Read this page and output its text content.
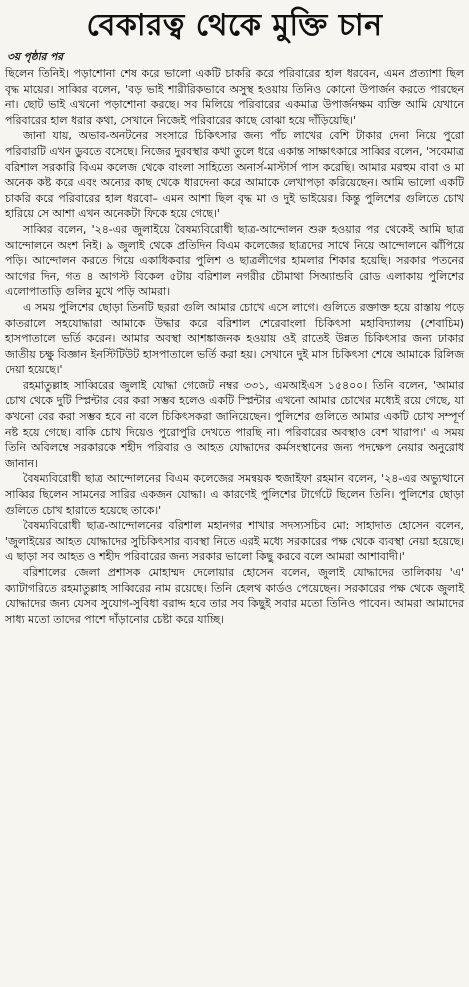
বেকারত্ব থেকে মুক্তি চান
৩য় পৃষ্ঠার পর

ছিলেন তিনিই। পড়াশোনা শেষ করে ভালো একটি চাকরি করে পরিবারের হাল ধরবেন, এমন প্রত্যাশা ছিল বৃদ্ধ মায়ের। সাব্বির বলেন, 'বড় ভাই শারীরিকভাবে অসুস্থ হওয়ায় তিনিও কোনো উপার্জন করতে পারছেন না। ছোট ভাই এখনো পড়াশোনা করছে। সব মিলিয়ে পরিবারের একমাত্র উপার্জনক্ষম ব্যক্তি আমি যেখানে পরিবারের হাল ধরার কথা, সেখানে নিজেই পরিবারের কাছে বোঝা হয়ে দাঁড়িয়েছি।'

জানা যায়, অভাব-অনটনের সংসারে চিকিৎসার জন্য পাঁচ লাখের বেশি টাকার দেনা নিয়ে পুরো পরিবারটি এখন ডুবতে বসেছে। নিজের দুরবস্থার কথা তুলে ধরে একান্ত সাক্ষাৎকারে সাব্বির বলেন, 'সবেমাত্র বরিশাল সরকারি বিএম কলেজ থেকে বাংলা সাহিত্যে অনার্স-মাস্টার্স পাস করেছি। আমার মরহুম বাবা ও মা অনেক কষ্ট করে এবং অন্যের কাছ থেকে ধারদেনা করে আমাকে লেখাপড়া করিয়েছেন। আমি ভালো একটি চাকরি করে পরিবারের হাল ধরবো– এমন আশা ছিল বৃদ্ধ মা ও দুই ভাইয়ের। কিন্তু পুলিশের গুলিতে চোখ হারিয়ে সে আশা এখন অনেকটা ফিকে হয়ে গেছে।'

সাব্বির বলেন, '২৪-এর জুলাইয়ে বৈষম্যবিরোধী ছাত্র-আন্দোলন শুরু হওয়ার পর থেকেই আমি ছাত্র আন্দোলনে অংশ নিই। ৯ জুলাই থেকে প্রতিদিন বিএম কলেজের ছাত্রদের সাথে নিয়ে আন্দোলনে ঝাঁপিয়ে পড়ি। আন্দোলন করতে গিয়ে একাধিকবার পুলিশ ও ছাত্রলীগের হামলার শিকার হয়েছি। সরকার পতনের আগের দিন, গত ৪ আগস্ট বিকেল ৫টায় বরিশাল নগরীর চৌমাথা সিঅ্যান্ডবি রোড এলাকায় পুলিশের এলোপাতাড়ি গুলির মুখে পড়ি আমরা।

এ সময় পুলিশের ছোড়া তিনটি ছররা গুলি আমার চোখে এসে লাগে। গুলিতে রক্তাক্ত হয়ে রাস্তায় পড়ে কাতরালে সহযোদ্ধারা আমাকে উদ্ধার করে বরিশাল শেরেবাংলা চিকিৎসা মহাবিদ্যালয় (শেবাচিম) হাসপাতালে ভর্তি করেন। আমার অবস্থা আশঙ্কাজনক হওয়ায় ওই রাতেই উন্নত চিকিৎসার জন্য ঢাকার জাতীয় চক্ষু বিজ্ঞান ইনস্টিটিউট হাসপাতালে ভর্তি করা হয়। সেখানে দুই মাস চিকিৎসা শেষে আমাকে রিলিজ দেয়া হয়েছে।'

রহমাতুল্লাহ সাব্বিরের জুলাই যোদ্ধা গেজেট নম্বর ৩৩১, এমআইএস ১৫৪০০। তিনি বলেন, 'আমার চোখ থেকে দুটি স্প্লিন্টার বের করা সম্ভব হলেও একটি স্প্লিন্টার এখনো আমার চোখের মধ্যেই রয়ে গেছে, যা কখনো বের করা সম্ভব হবে না বলে চিকিৎসকরা জানিয়েছেন। পুলিশের গুলিতে আমার একটি চোখ সম্পূর্ণ নষ্ট হয়ে গেছে। বাকি চোখ দিয়েও পুরোপুরি দেখতে পারছি না। পরিবারের অবস্থাও বেশ খারাপ।' এ সময় তিনি অবিলম্বে সরকারকে শহীদ পরিবার ও আহত যোদ্ধাদের কর্মসংস্থানের জন্য পদক্ষেপ নেয়ার অনুরোধ জানান।

বৈষম্যবিরোধী ছাত্র আন্দোলনের বিএম কলেজের সমন্বয়ক হুজাইফা রহমান বলেন, '২৪-এর অভ্যুত্থানে সাব্বির ছিলেন সামনের সারির একজন যোদ্ধা। এ কারণেই পুলিশের টার্গেটে ছিলেন তিনি। পুলিশের ছোড়া গুলিতে চোখ হারাতে হয়েছে তাকে।'

বৈষম্যবিরোধী ছাত্র-আন্দোলনের বরিশাল মহানগর শাখার সদস্যসচিব মো: সাহাদাত হোসেন বলেন, 'জুলাইয়ের আহত যোদ্ধাদের সুচিকিৎসার ব্যবস্থা নিতে এরই মধ্যে সরকারের পক্ষ থেকে ব্যবস্থা নেয়া হয়েছে। এ ছাড়া সব আহত ও শহীদ পরিবারের জন্য সরকার ভালো কিছু করবে বলে আমরা আশাবাদী।'

বরিশালের জেলা প্রশাসক মোহাম্মদ দেলোয়ার হোসেন বলেন, জুলাই যোদ্ধাদের তালিকায় 'এ' ক্যাটাগরিতে রহমাতুল্লাহ সাব্বিরের নাম রয়েছে। তিনি হেলথ কার্ডও পেয়েছেন। সরকারের পক্ষ থেকে জুলাই যোদ্ধাদের জন্য যেসব সুযোগ-সুবিধা বরাদ্দ হবে তার সব কিছুই সবার মতো তিনিও পাবেন। আমরা আমাদের সাধ্য মতো তাদের পাশে দাঁড়ানোর চেষ্টা করে যাচ্ছি।
